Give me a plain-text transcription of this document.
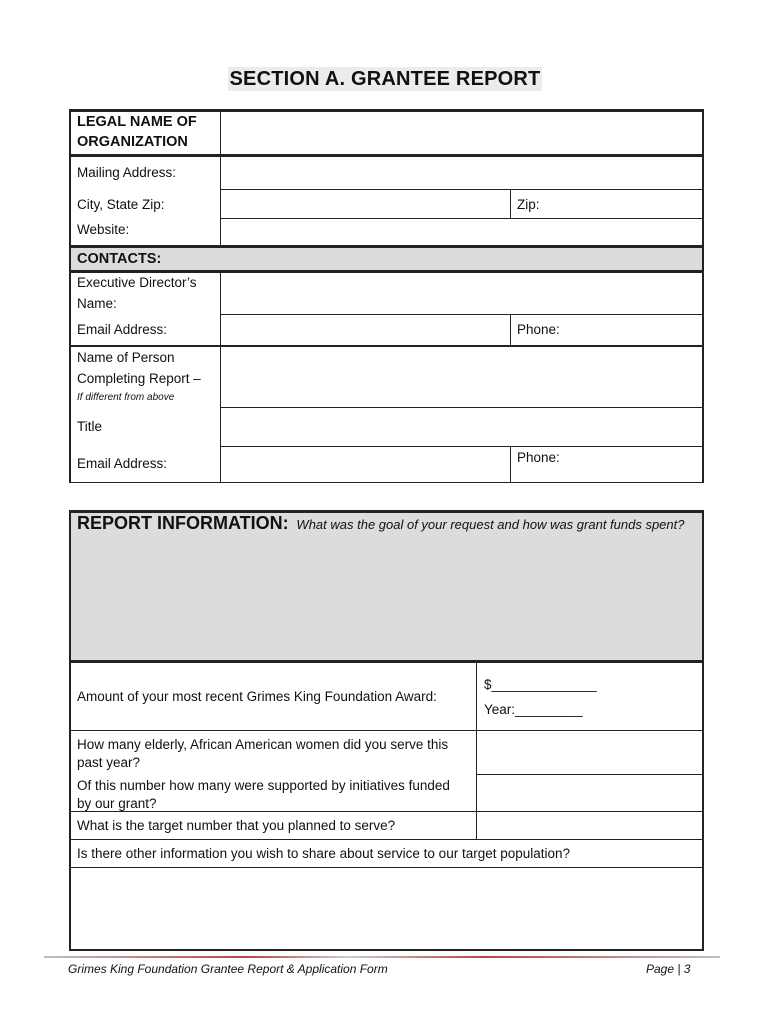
SECTION A. GRANTEE REPORT
LEGAL NAME OF
ORGANIZATION
Mailing Address:
City, State Zip:	Zip:
Website:
CONTACTS:
Executive Director’s
Name:
Email Address:	Phone:
Name of Person
Completing Report –
If different from above
Title
Email Address:	Phone:
REPORT INFORMATION: What was the goal of your request and how was grant funds spent?
Amount of your most recent Grimes King Foundation Award:
$______________
Year:_________
How many elderly, African American women did you serve this
past year?
Of this number how many were supported by initiatives funded
by our grant?
What is the target number that you planned to serve?
Is there other information you wish to share about service to our target population?
Grimes King Foundation Grantee Report & Application Form	Page | 3
